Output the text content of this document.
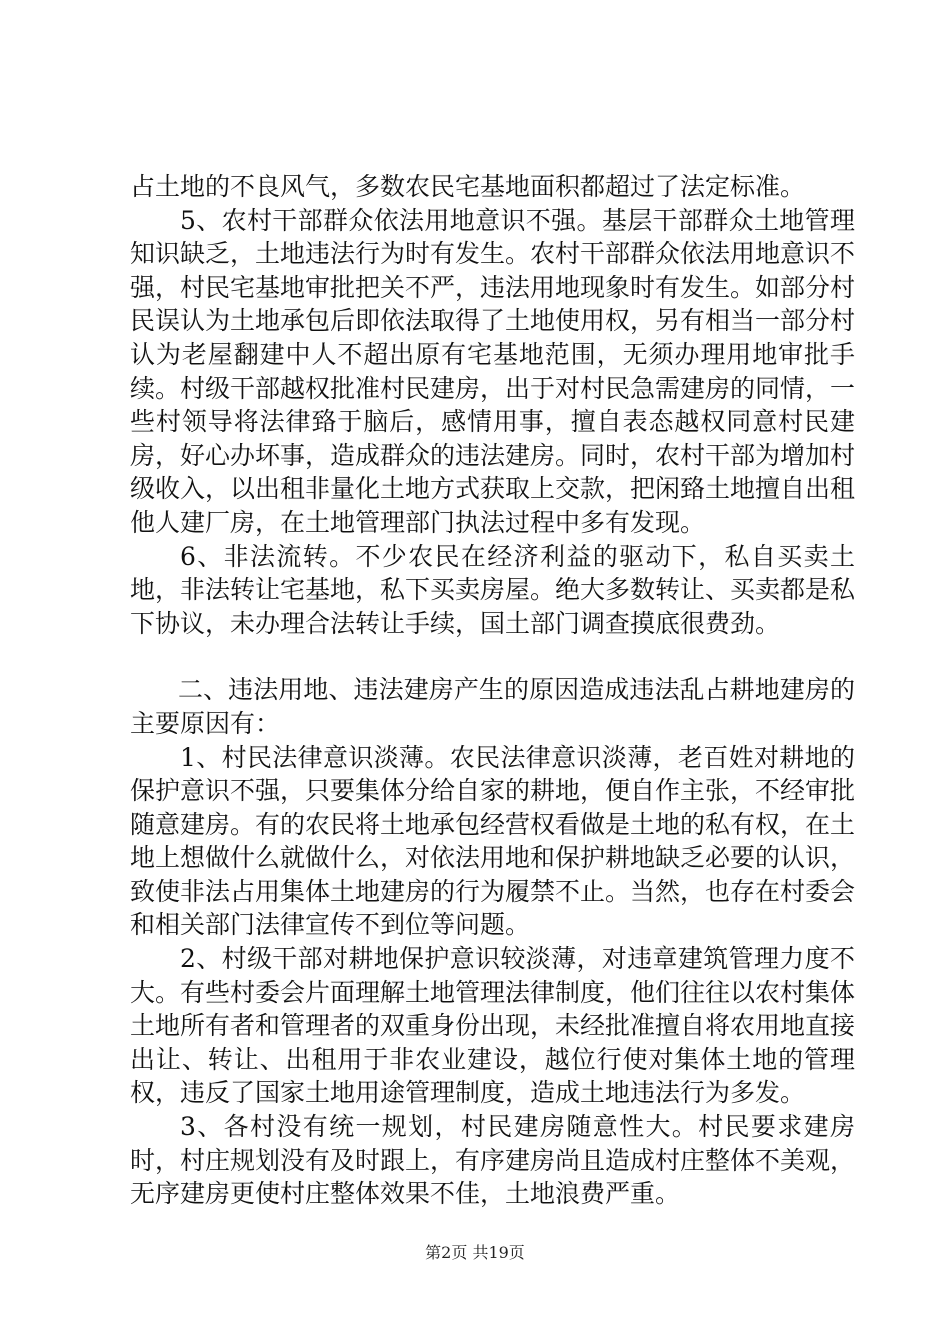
占土地的不良风气，多数农民宅基地面积都超过了法定标准。

5、农村干部群众依法用地意识不强。基层干部群众土地管理知识缺乏，土地违法行为时有发生。农村干部群众依法用地意识不强，村民宅基地审批把关不严，违法用地现象时有发生。如部分村民误认为土地承包后即依法取得了土地使用权，另有相当一部分村认为老屋翻建中人不超出原有宅基地范围，无须办理用地审批手续。村级干部越权批准村民建房，出于对村民急需建房的同情，一些村领导将法律臵于脑后，感情用事，擅自表态越权同意村民建房，好心办坏事，造成群众的违法建房。同时，农村干部为增加村级收入，以出租非量化土地方式获取上交款，把闲臵土地擅自出租他人建厂房，在土地管理部门执法过程中多有发现。

6、非法流转。不少农民在经济利益的驱动下，私自买卖土地，非法转让宅基地，私下买卖房屋。绝大多数转让、买卖都是私下协议，未办理合法转让手续，国土部门调查摸底很费劲。

二、违法用地、违法建房产生的原因造成违法乱占耕地建房的主要原因有：

1、村民法律意识淡薄。农民法律意识淡薄，老百姓对耕地的保护意识不强，只要集体分给自家的耕地，便自作主张，不经审批随意建房。有的农民将土地承包经营权看做是土地的私有权，在土地上想做什么就做什么，对依法用地和保护耕地缺乏必要的认识，致使非法占用集体土地建房的行为履禁不止。当然，也存在村委会和相关部门法律宣传不到位等问题。

2、村级干部对耕地保护意识较淡薄，对违章建筑管理力度不大。有些村委会片面理解土地管理法律制度，他们往往以农村集体土地所有者和管理者的双重身份出现，未经批准擅自将农用地直接出让、转让、出租用于非农业建设，越位行使对集体土地的管理权，违反了国家土地用途管理制度，造成土地违法行为多发。

3、各村没有统一规划，村民建房随意性大。村民要求建房时，村庄规划没有及时跟上，有序建房尚且造成村庄整体不美观，无序建房更使村庄整体效果不佳，土地浪费严重。

第2页 共19页
